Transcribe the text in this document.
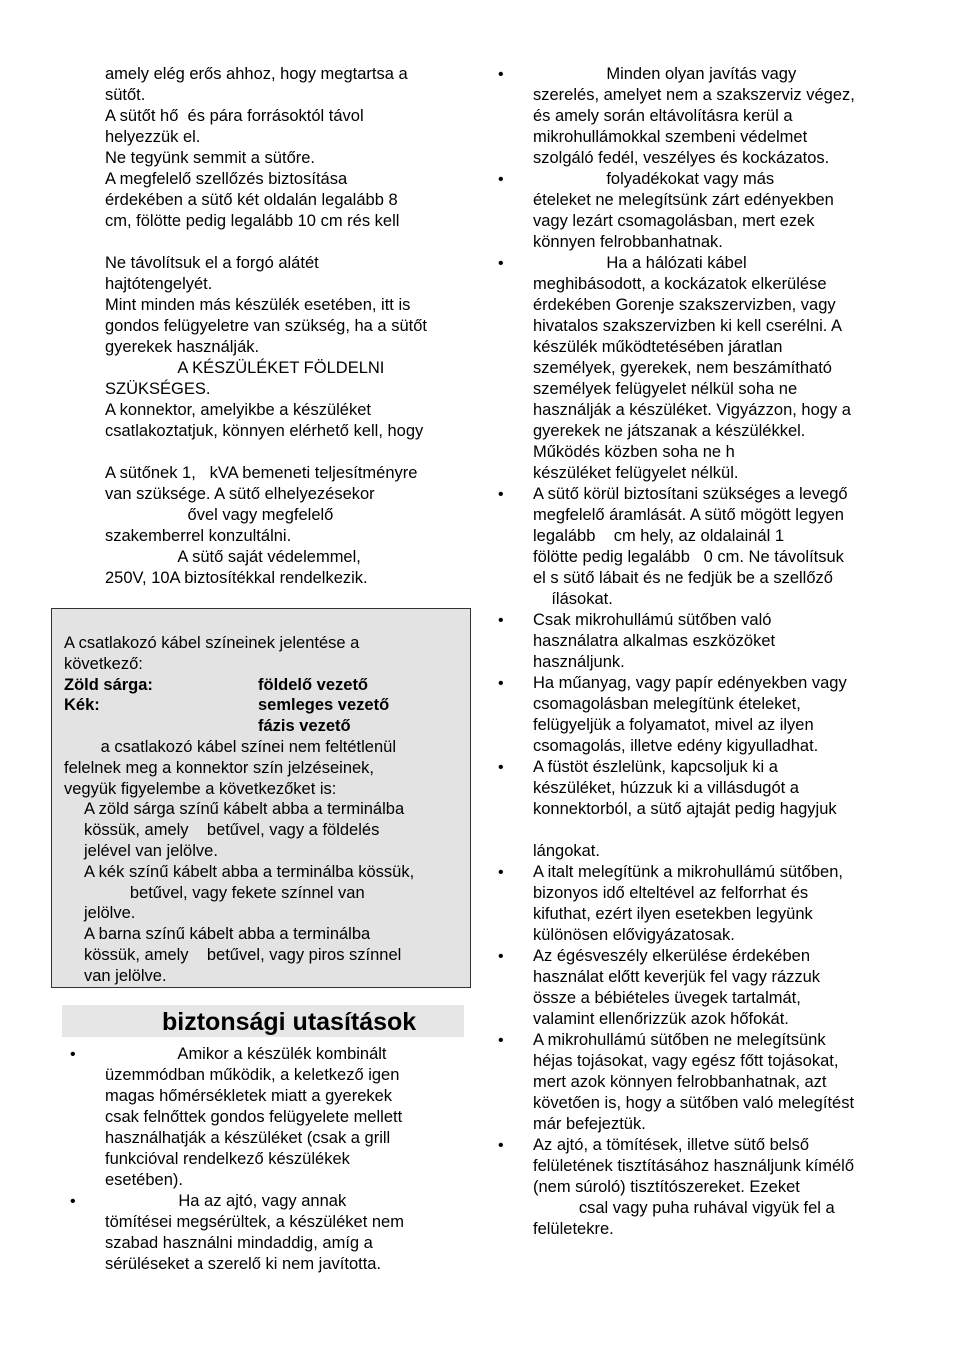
amely elég erős ahhoz, hogy megtartsa a
sütőt.
A sütőt hő  és pára forrásoktól távol
helyezzük el.
Ne tegyünk semmit a sütőre.
A megfelelő szellőzés biztosítása
érdekében a sütő két oldalán legalább 8
cm, fölötte pedig legalább 10 cm rés kell

Ne távolítsuk el a forgó alátét
hajtótengelyét.
Mint minden más készülék esetében, itt is
gondos felügyeletre van szükség, ha a sütőt
gyerekek használják.
A KÉSZÜLÉKET FÖLDELNI
SZÜKSÉGES.
A konnektor, amelyikbe a készüléket
csatlakoztatjuk, könnyen elérhető kell, hogy

A sütőnek 1,   kVA bemeneti teljesítményre
van szüksége. A sütő elhelyezésekor
ővel vagy megfelelő
szakemberrel konzultálni.
A sütő saját védelemmel,
250V, 10A biztosítékkal rendelkezik.
A csatlakozó kábel színeinek jelentése a
következő:
Zöld sárga:	földelő vezető
Kék:	semleges vezető

fázis vezető
a csatlakozó kábel színei nem feltétlenül
felelnek meg a konnektor szín jelzéseinek,
vegyük figyelembe a következőket is:
A zöld sárga színű kábelt abba a terminálba
kössük, amely    betűvel, vagy a földelés
jelével van jelölve.
A kék színű kábelt abba a terminálba kössük,
betűvel, vagy fekete színnel van
jelölve.
A barna színű kábelt abba a terminálba
kössük, amely    betűvel, vagy piros színnel
van jelölve.
biztonsági utasítások
• Amikor a készülék kombinált
üzemmódban működik, a keletkező igen
magas hőmérsékletek miatt a gyerekek
csak felnőttek gondos felügyelete mellett
használhatják a készüléket (csak a grill
funkcióval rendelkező készülékek
esetében).
• Ha az ajtó, vagy annak
tömítései megsérültek, a készüléket nem
szabad használni mindaddig, amíg a
sérüléseket a szerelő ki nem javította.
• Minden olyan javítás vagy
szerelés, amelyet nem a szakszerviz végez,
és amely során eltávolításra kerül a
mikrohullámokkal szembeni védelmet
szolgáló fedél, veszélyes és kockázatos.
• folyadékokat vagy más
ételeket ne melegítsünk zárt edényekben
vagy lezárt csomagolásban, mert ezek
könnyen felrobbanhatnak.
• Ha a hálózati kábel
meghibásodott, a kockázatok elkerülése
érdekében Gorenje szakszervizben, vagy
hivatalos szakszervizben ki kell cserélni. A
készülék működtetésében járatlan
személyek, gyerekek, nem beszámítható
személyek felügyelet nélkül soha ne
használják a készüléket. Vigyázzon, hogy a
gyerekek ne játszanak a készülékkel.
Működés közben soha ne h
készüléket felügyelet nélkül.
• A sütő körül biztosítani szükséges a levegő
megfelelő áramlását. A sütő mögött legyen
legalább    cm hely, az oldalainál 1
fölötte pedig legalább   0 cm. Ne távolítsuk
el s sütő lábait és ne fedjük be a szellőző
ílásokat.
• Csak mikrohullámú sütőben való
használatra alkalmas eszközöket
használjunk.
• Ha műanyag, vagy papír edényekben vagy
csomagolásban melegítünk ételeket,
felügyeljük a folyamatot, mivel az ilyen
csomagolás, illetve edény kigyulladhat.
• A füstöt észlelünk, kapcsoljuk ki a
készüléket, húzzuk ki a villásdugót a
konnektorból, a sütő ajtaját pedig hagyjuk

lángokat.
• A italt melegítünk a mikrohullámú sütőben,
bizonyos idő elteltével az felforrhat és
kifuthat, ezért ilyen esetekben legyünk
különösen elővigyázatosak.
• Az égésveszély elkerülése érdekében
használat előtt keverjük fel vagy rázzuk
össze a bébiételes üvegek tartalmát,
valamint ellenőrizzük azok hőfokát.
• A mikrohullámú sütőben ne melegítsünk
héjas tojásokat, vagy egész főtt tojásokat,
mert azok könnyen felrobbanhatnak, azt
követően is, hogy a sütőben való melegítést
már befejeztük.
• Az ajtó, a tömítések, illetve sütő belső
felületének tisztításához használjunk kímélő
(nem súroló) tisztítószereket. Ezeket
csal vagy puha ruhával vigyük fel a
felületekre.
